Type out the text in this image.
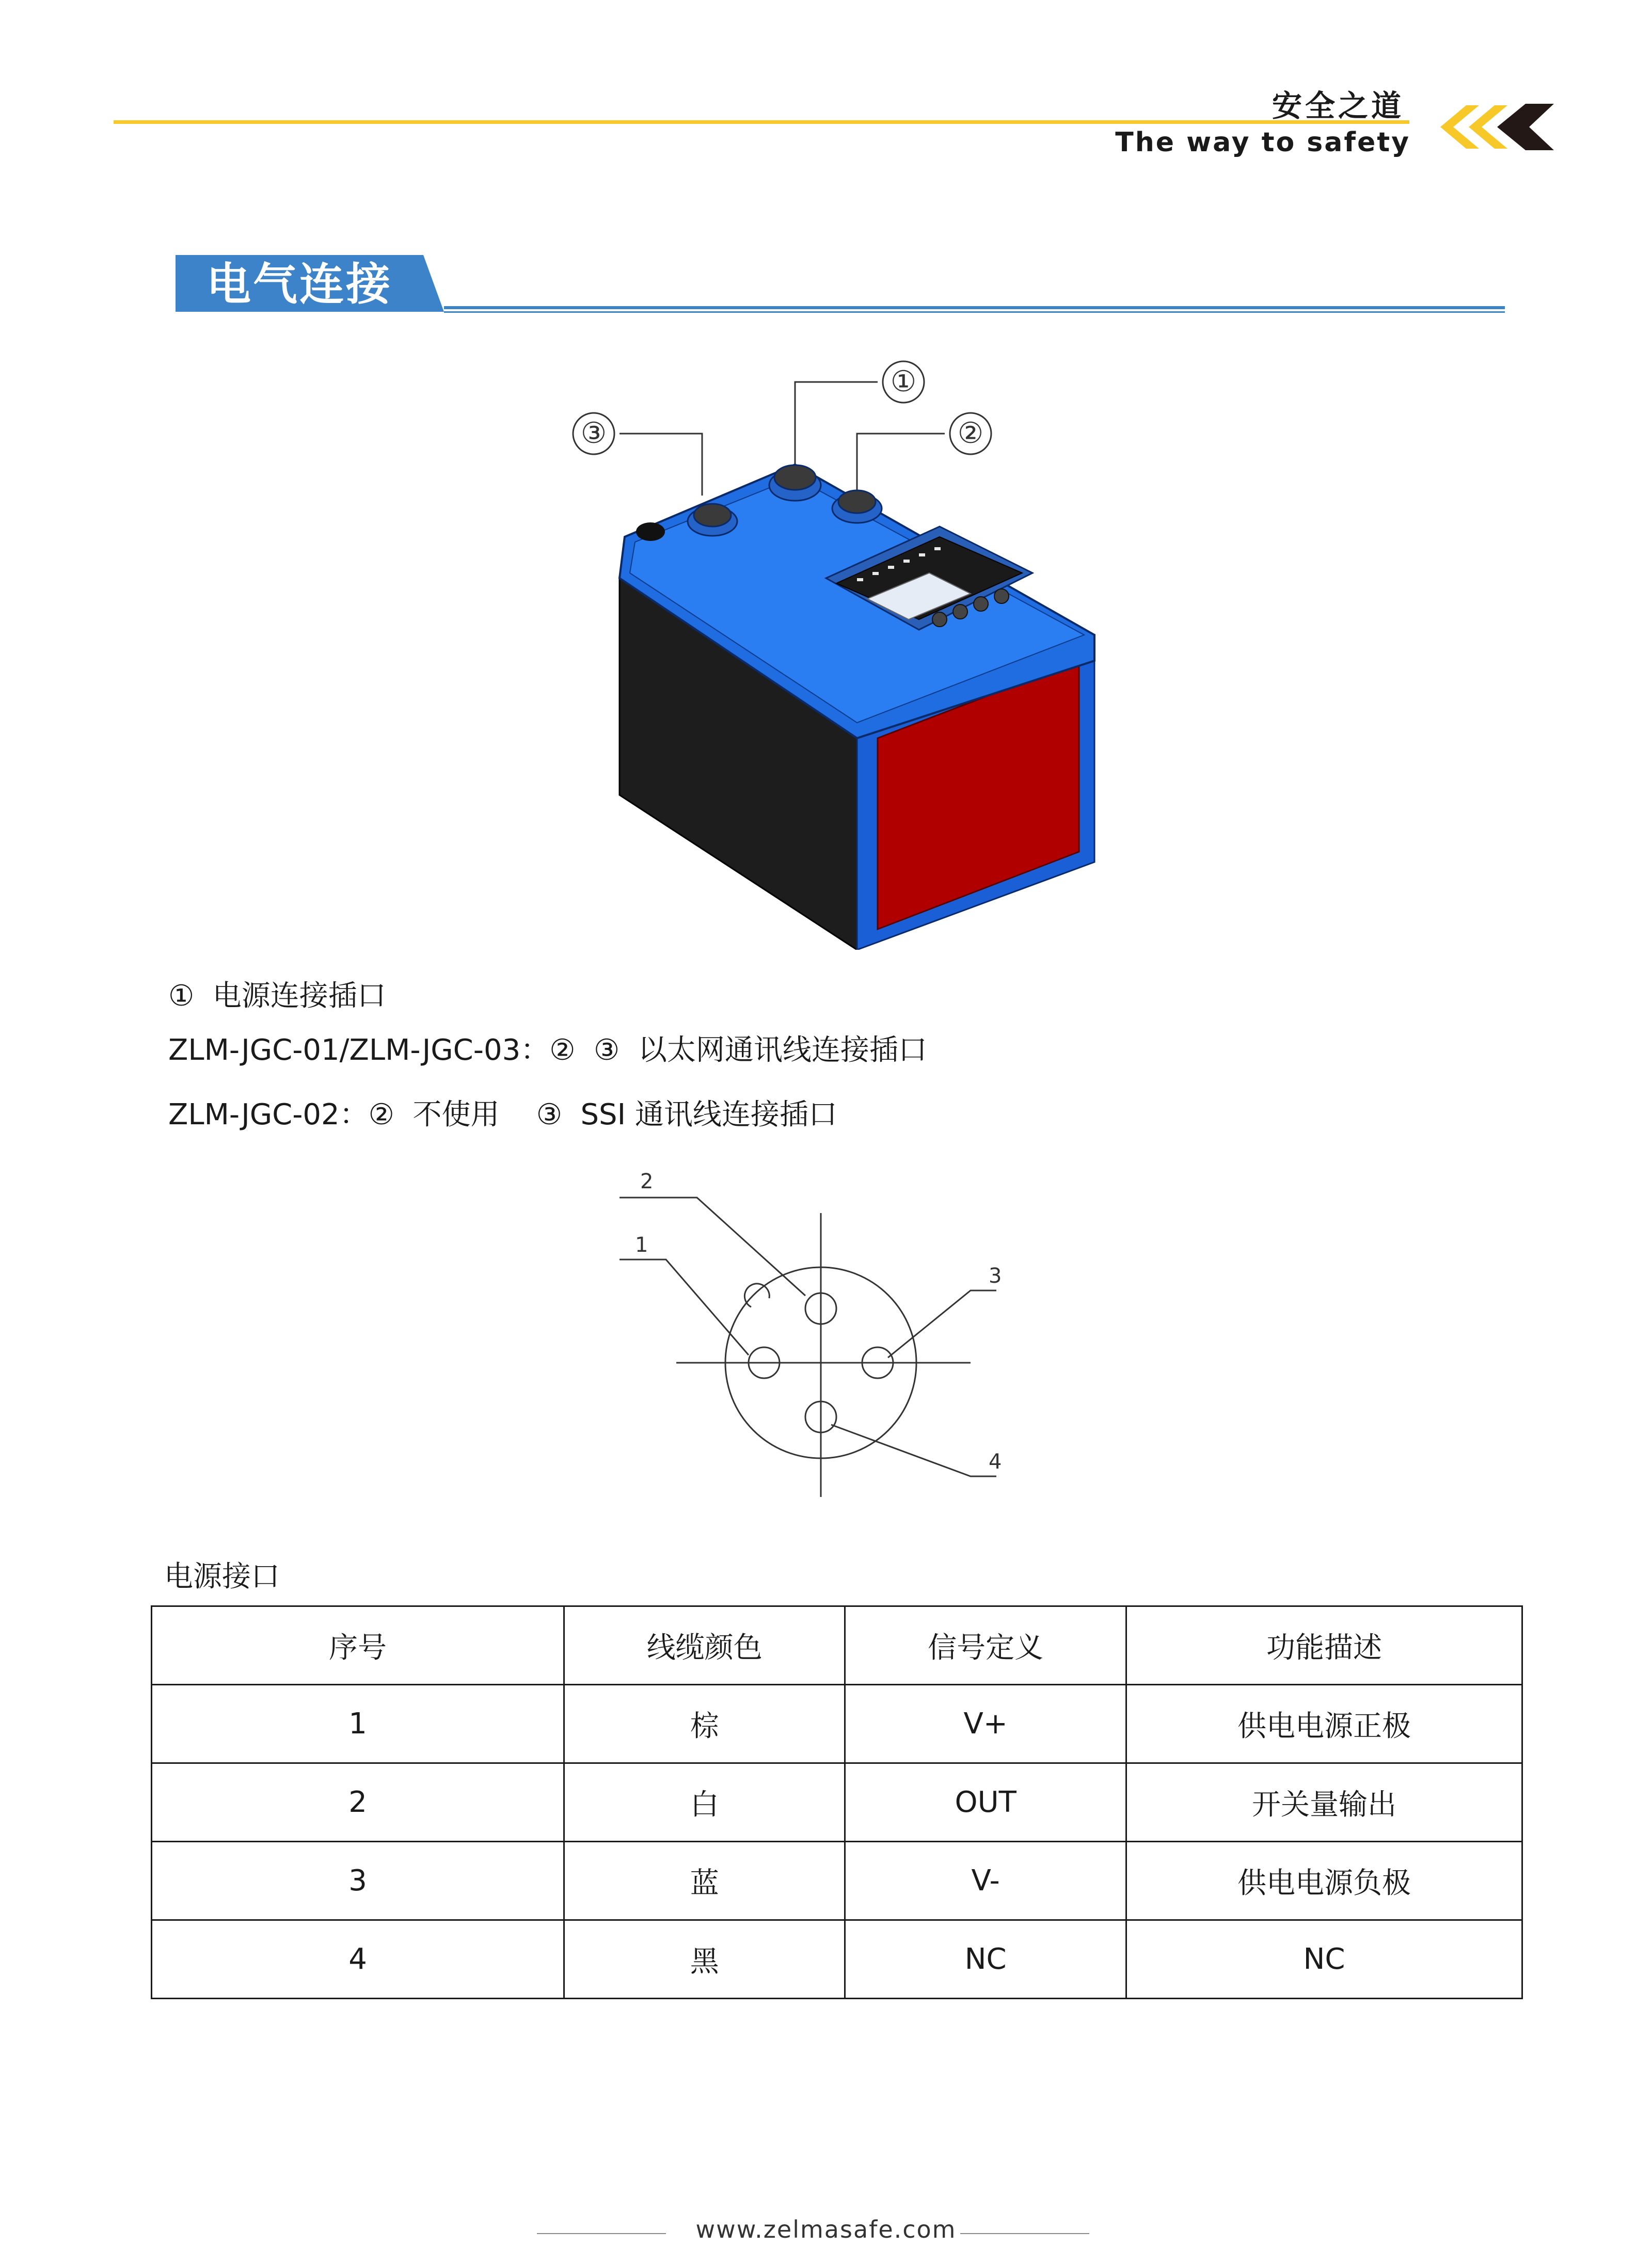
安全之道
The way to safety
电气连接
①
②
③
①  电源连接插口
ZLM-JGC-01/ZLM-JGC-03：②  ③  以太网通讯线连接插口
ZLM-JGC-02：②  不使用    ③  SSI 通讯线连接插口
2
1
3
4
电源接口
序号	线缆颜色	信号定义	功能描述
1	棕	V+	供电电源正极
2	白	OUT	开关量输出
3	蓝	V-	供电电源负极
4	黑	NC	NC
www.zelmasafe.com
